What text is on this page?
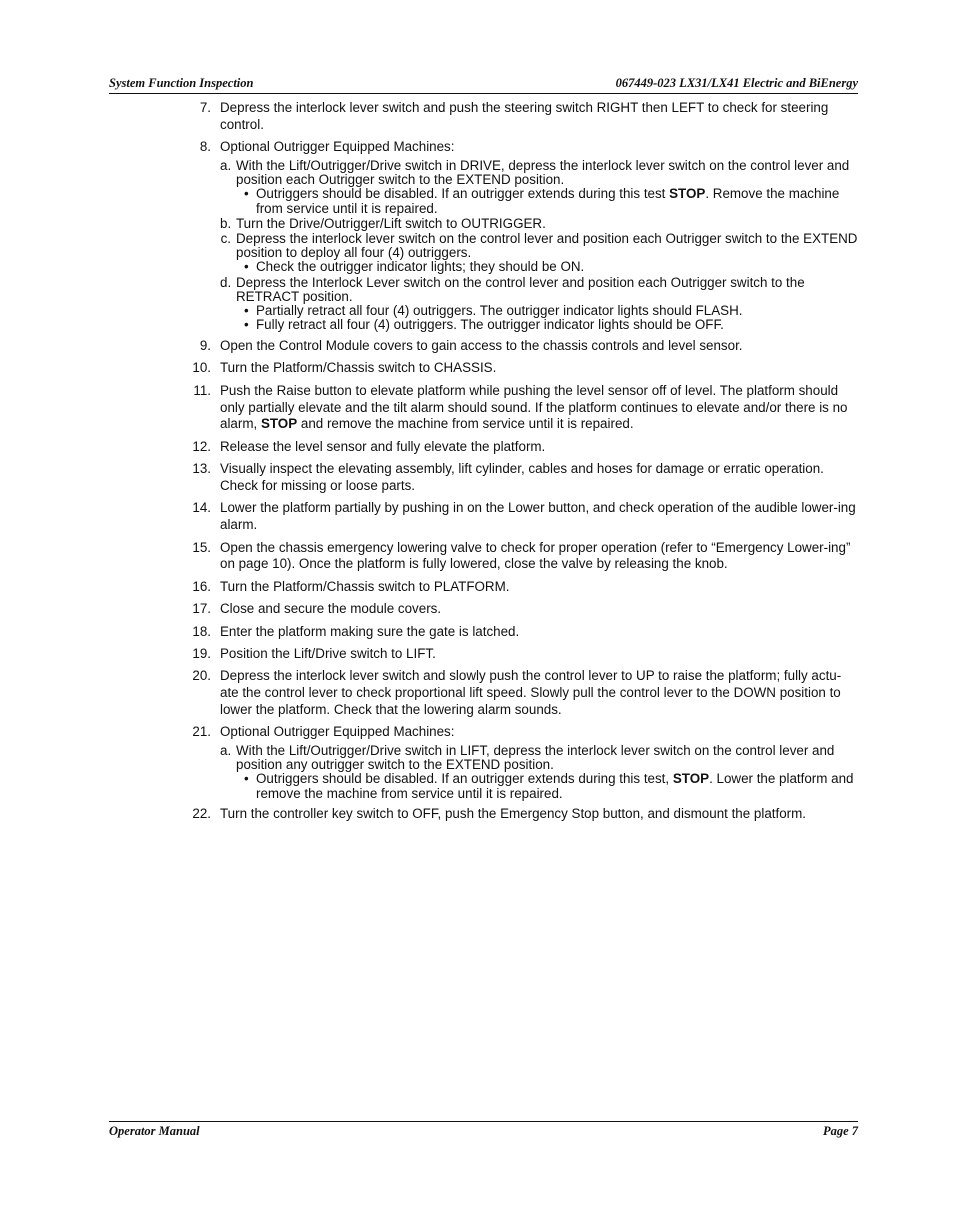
System Function Inspection	067449-023 LX31/LX41 Electric and BiEnergy
7. Depress the interlock lever switch and push the steering switch RIGHT then LEFT to check for steering control.
8. Optional Outrigger Equipped Machines:
a. With the Lift/Outrigger/Drive switch in DRIVE, depress the interlock lever switch on the control lever and position each Outrigger switch to the EXTEND position.
• Outriggers should be disabled. If an outrigger extends during this test STOP. Remove the machine from service until it is repaired.
b. Turn the Drive/Outrigger/Lift switch to OUTRIGGER.
c. Depress the interlock lever switch on the control lever and position each Outrigger switch to the EXTEND position to deploy all four (4) outriggers.
• Check the outrigger indicator lights; they should be ON.
d. Depress the Interlock Lever switch on the control lever and position each Outrigger switch to the RETRACT position.
• Partially retract all four (4) outriggers. The outrigger indicator lights should FLASH.
• Fully retract all four (4) outriggers. The outrigger indicator lights should be OFF.
9. Open the Control Module covers to gain access to the chassis controls and level sensor.
10. Turn the Platform/Chassis switch to CHASSIS.
11. Push the Raise button to elevate platform while pushing the level sensor off of level. The platform should only partially elevate and the tilt alarm should sound. If the platform continues to elevate and/or there is no alarm, STOP and remove the machine from service until it is repaired.
12. Release the level sensor and fully elevate the platform.
13. Visually inspect the elevating assembly, lift cylinder, cables and hoses for damage or erratic operation. Check for missing or loose parts.
14. Lower the platform partially by pushing in on the Lower button, and check operation of the audible lower-ing alarm.
15. Open the chassis emergency lowering valve to check for proper operation (refer to “Emergency Lower-ing” on page 10). Once the platform is fully lowered, close the valve by releasing the knob.
16. Turn the Platform/Chassis switch to PLATFORM.
17. Close and secure the module covers.
18. Enter the platform making sure the gate is latched.
19. Position the Lift/Drive switch to LIFT.
20. Depress the interlock lever switch and slowly push the control lever to UP to raise the platform; fully actu-ate the control lever to check proportional lift speed. Slowly pull the control lever to the DOWN position to lower the platform. Check that the lowering alarm sounds.
21. Optional Outrigger Equipped Machines:
a. With the Lift/Outrigger/Drive switch in LIFT, depress the interlock lever switch on the control lever and position any outrigger switch to the EXTEND position.
• Outriggers should be disabled. If an outrigger extends during this test, STOP. Lower the platform and remove the machine from service until it is repaired.
22. Turn the controller key switch to OFF, push the Emergency Stop button, and dismount the platform.
Operator Manual	Page 7
